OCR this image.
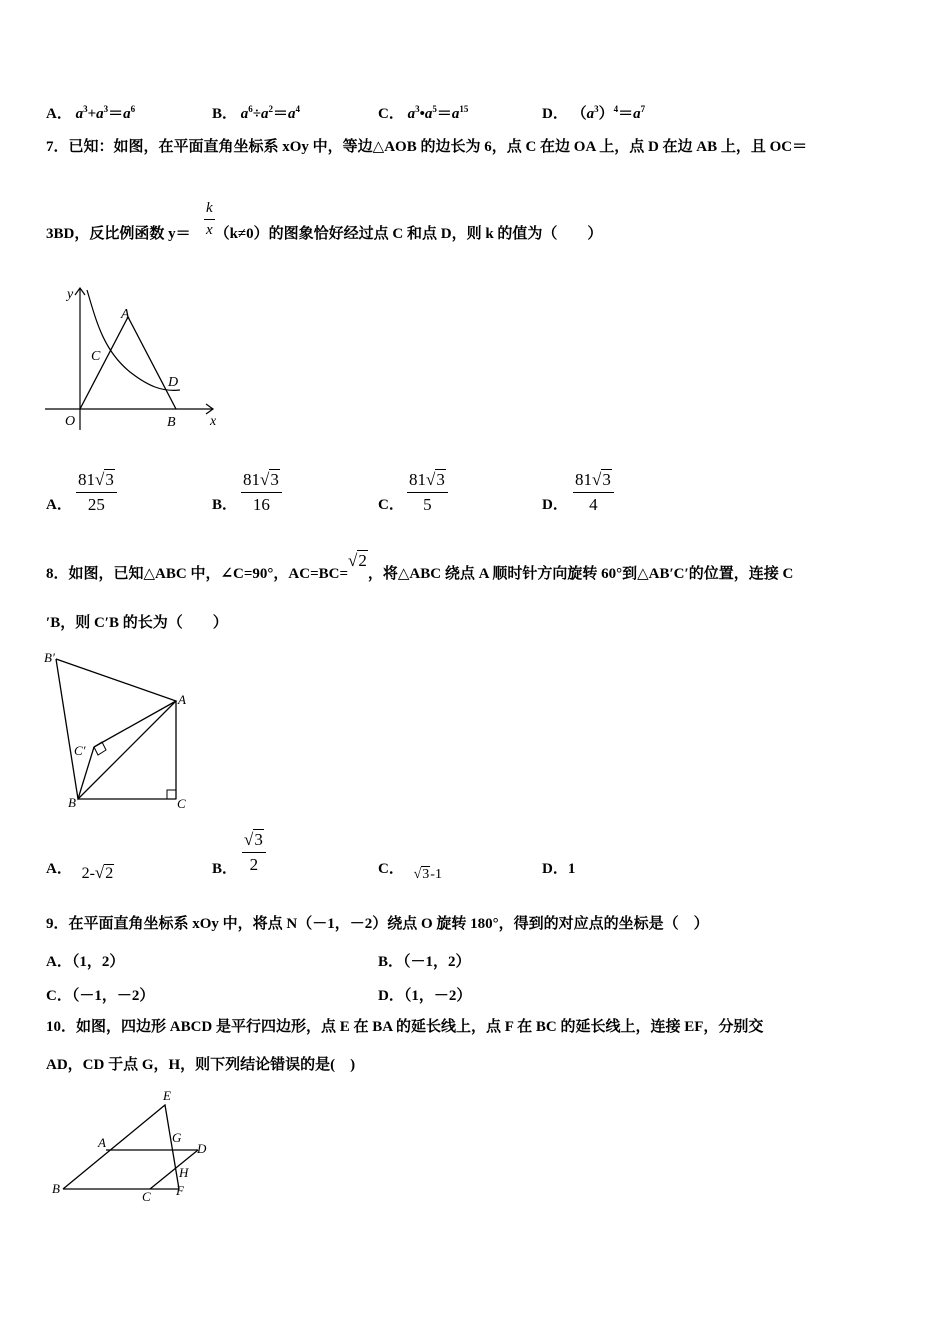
A． $a^3+a^3=a^6$	B． $a^6\div a^2=a^4$	C． $a^3•a^5=a^{15}$	D． $(a^3)^4=a^7$
7．已知：如图，在平面直角坐标系 xOy 中，等边△AOB 的边长为 6，点 C 在边 OA 上，点 D 在边 AB 上，且 OC＝
3BD，反比例函数 y＝ （k≠0）的图象恰好经过点 C 和点 D，则 k 的值为（　　）
k
x
y
x
O
A
B
C
D
A．
81√3
25	B．
81√3
16	C．
81√3
5	D．
81√3
4
8．如图，已知△ABC 中，∠C=90°，AC=BC=√2，将△ABC 绕点 A 顺时针方向旋转 60°到△AB′C′的位置，连接 C
′B，则 C′B 的长为（　　）
B′
A
C′
B	C
A． 2-√2	B．
√3
2	C． √3-1	D．1
9．在平面直角坐标系 xOy 中，将点 N（－1，－2）绕点 O 旋转 180°，得到的对应点的坐标是（　）
A．（1，2）	B．（－1，2）
C．（－1，－2）	D．（1，－2）
10．如图，四边形 ABCD 是平行四边形，点 E 在 BA 的延长线上，点 F 在 BC 的延长线上，连接 EF，分别交
AD，CD 于点 G，H，则下列结论错误的是(　)
E
A	G
D
H
B
C F
